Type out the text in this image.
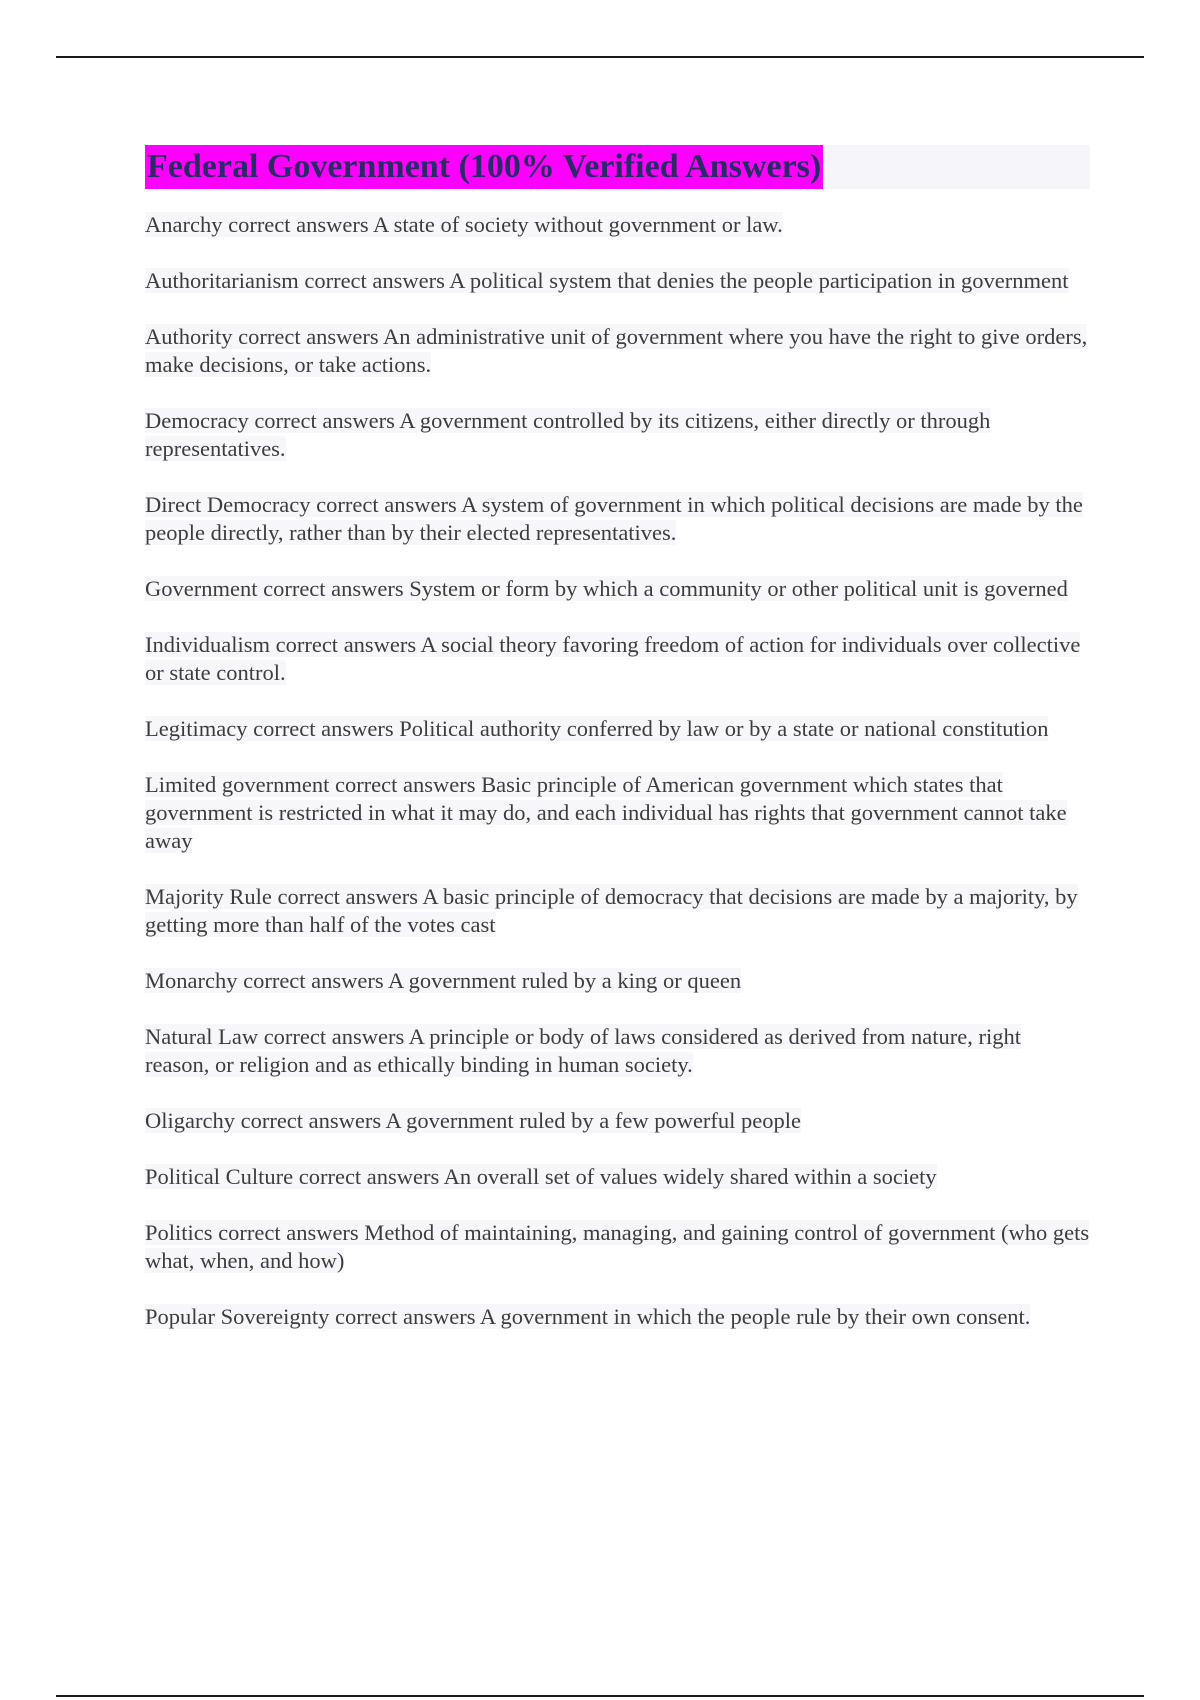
Federal Government (100% Verified Answers)
Anarchy correct answers A state of society without government or law.
Authoritarianism correct answers A political system that denies the people participation in government
Authority correct answers An administrative unit of government where you have the right to give orders, make decisions, or take actions.
Democracy correct answers A government controlled by its citizens, either directly or through representatives.
Direct Democracy correct answers A system of government in which political decisions are made by the people directly, rather than by their elected representatives.
Government correct answers System or form by which a community or other political unit is governed
Individualism correct answers A social theory favoring freedom of action for individuals over collective or state control.
Legitimacy correct answers Political authority conferred by law or by a state or national constitution
Limited government correct answers Basic principle of American government which states that government is restricted in what it may do, and each individual has rights that government cannot take away
Majority Rule correct answers A basic principle of democracy that decisions are made by a majority, by getting more than half of the votes cast
Monarchy correct answers A government ruled by a king or queen
Natural Law correct answers A principle or body of laws considered as derived from nature, right reason, or religion and as ethically binding in human society.
Oligarchy correct answers A government ruled by a few powerful people
Political Culture correct answers An overall set of values widely shared within a society
Politics correct answers Method of maintaining, managing, and gaining control of government (who gets what, when, and how)
Popular Sovereignty correct answers A government in which the people rule by their own consent.
